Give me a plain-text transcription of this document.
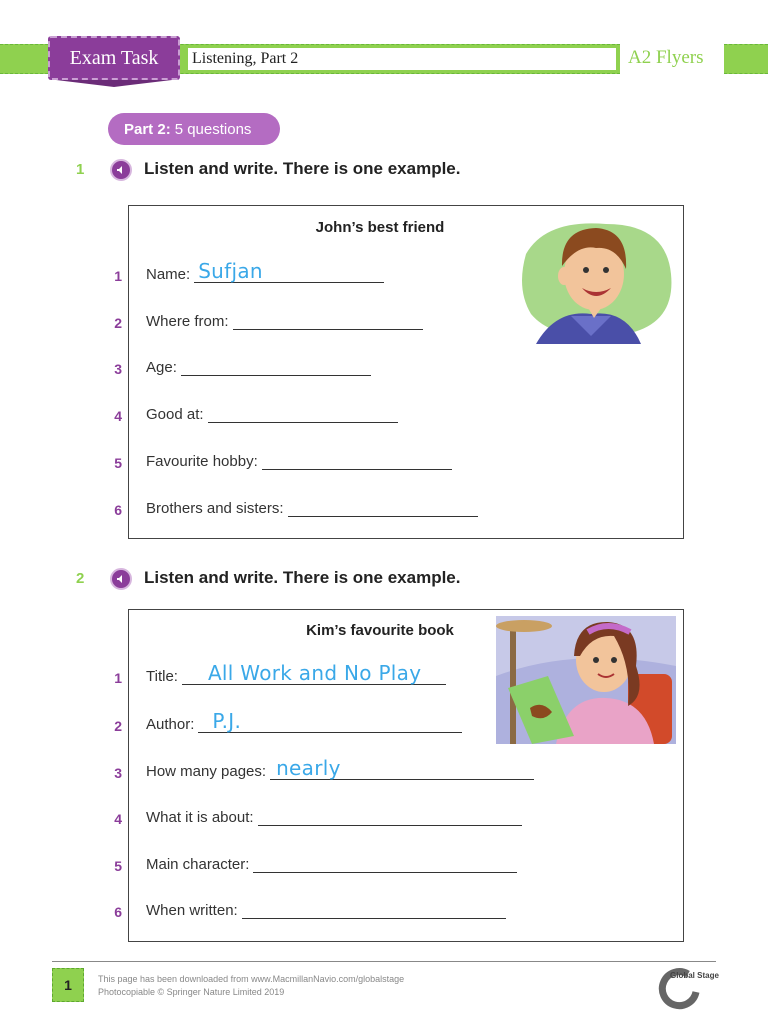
Listening, Part 2
Exam Task	A2 Flyers
Part 2: 5 questions
1	Listen and write. There is one example.
John’s best friend
1 Name: Sufjan
2 Where from:
3 Age:
4 Good at:
5 Favourite hobby:
6 Brothers and sisters:
2	Listen and write. There is one example.
Kim’s favourite book
1 Title: All Work and No Play
2 Author: P.J.
3 How many pages: nearly
4 What it is about:
5 Main character:
6 When written:
1	This page has been downloaded from www.MacmillanNavio.com/globalstage
Photocopiable © Springer Nature Limited 2019
Global Stage
